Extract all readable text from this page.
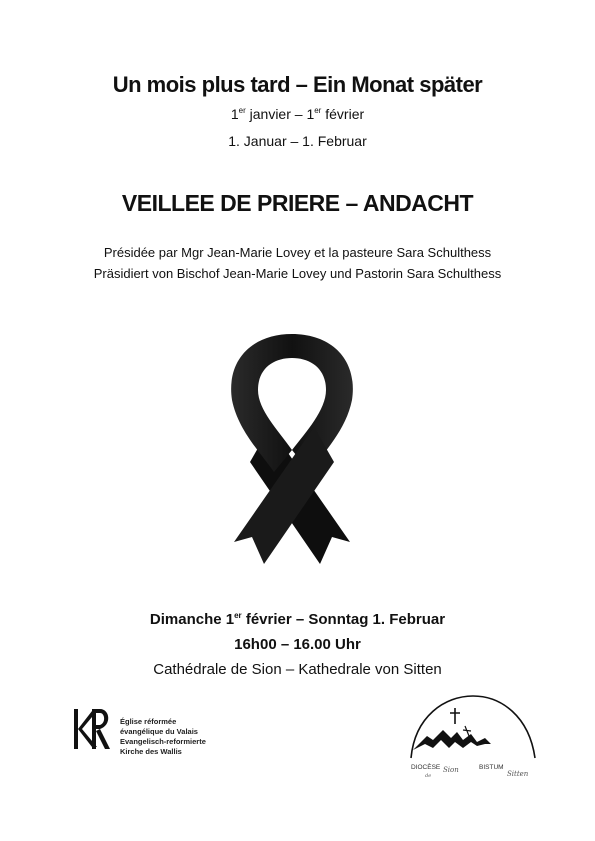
Un mois plus tard – Ein Monat später
1er janvier – 1er février
1. Januar – 1. Februar
VEILLEE DE PRIERE – ANDACHT
Présidée par Mgr Jean-Marie Lovey et la pasteure Sara Schulthess
Präsidiert von Bischof Jean-Marie Lovey und Pastorin Sara Schulthess
Dimanche 1er février – Sonntag 1. Februar
16h00 – 16.00 Uhr
Cathédrale de Sion – Kathedrale von Sitten
Église réformée
évangélique du Valais
Evangelisch-reformierte
Kirche des Wallis
DIOCÈSE
de
Sion	BISTUM
Sitten
